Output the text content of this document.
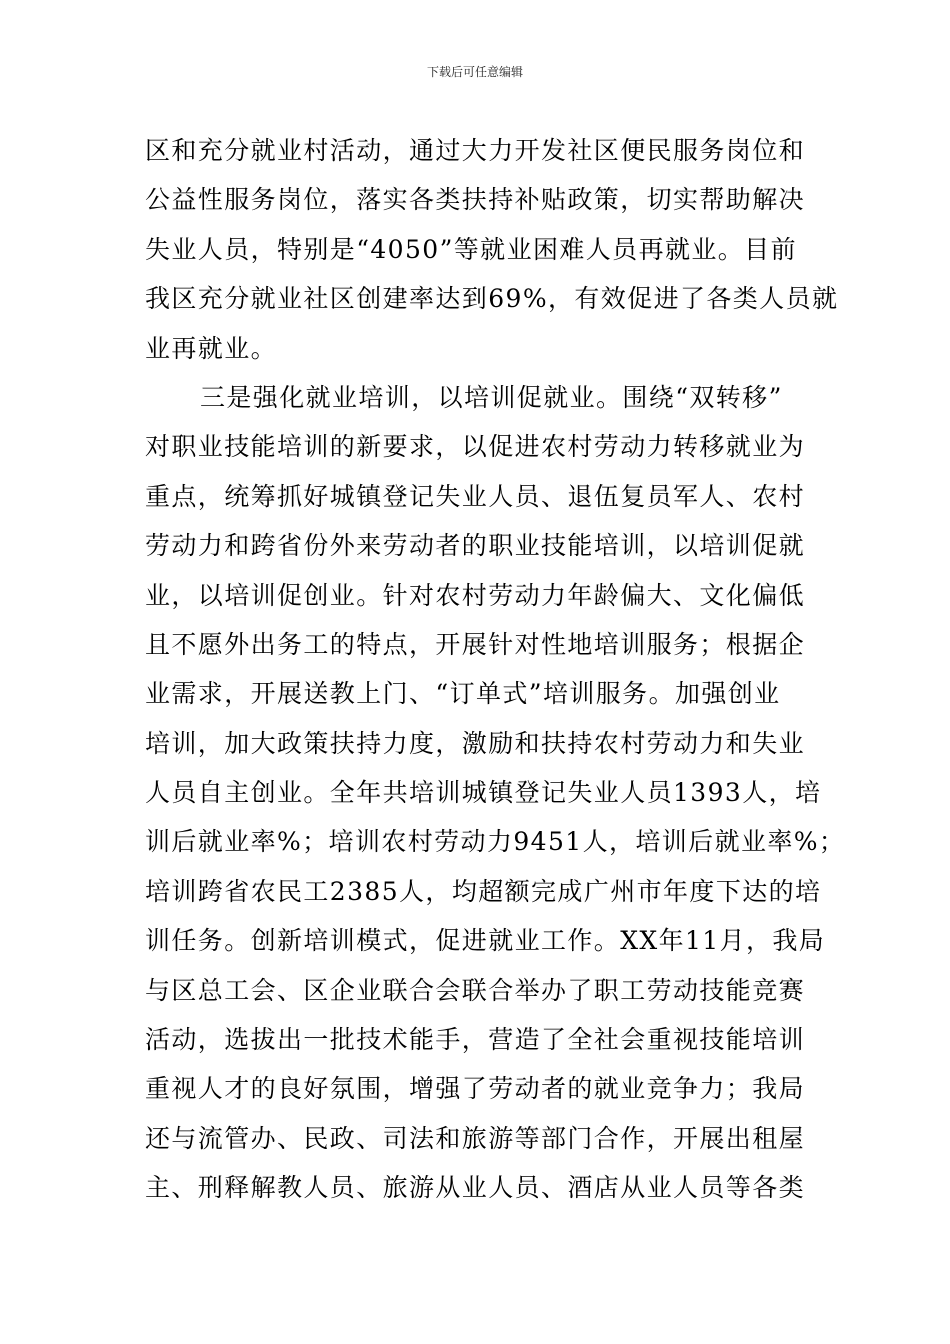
下载后可任意编辑

区和充分就业村活动，通过大力开发社区便民服务岗位和
公益性服务岗位，落实各类扶持补贴政策，切实帮助解决
失业人员，特别是“4050”等就业困难人员再就业。目前
我区充分就业社区创建率达到69%，有效促进了各类人员就
业再就业。

三是强化就业培训，以培训促就业。围绕“双转移”
对职业技能培训的新要求，以促进农村劳动力转移就业为
重点，统筹抓好城镇登记失业人员、退伍复员军人、农村
劳动力和跨省份外来劳动者的职业技能培训，以培训促就
业，以培训促创业。针对农村劳动力年龄偏大、文化偏低
且不愿外出务工的特点，开展针对性地培训服务；根据企
业需求，开展送教上门、“订单式”培训服务。加强创业
培训，加大政策扶持力度，激励和扶持农村劳动力和失业
人员自主创业。全年共培训城镇登记失业人员1393人，培
训后就业率%；培训农村劳动力9451人，培训后就业率%；
培训跨省农民工2385人，均超额完成广州市年度下达的培
训任务。创新培训模式，促进就业工作。XX年11月，我局
与区总工会、区企业联合会联合举办了职工劳动技能竞赛
活动，选拔出一批技术能手，营造了全社会重视技能培训
重视人才的良好氛围，增强了劳动者的就业竞争力；我局
还与流管办、民政、司法和旅游等部门合作，开展出租屋
主、刑释解教人员、旅游从业人员、酒店从业人员等各类
